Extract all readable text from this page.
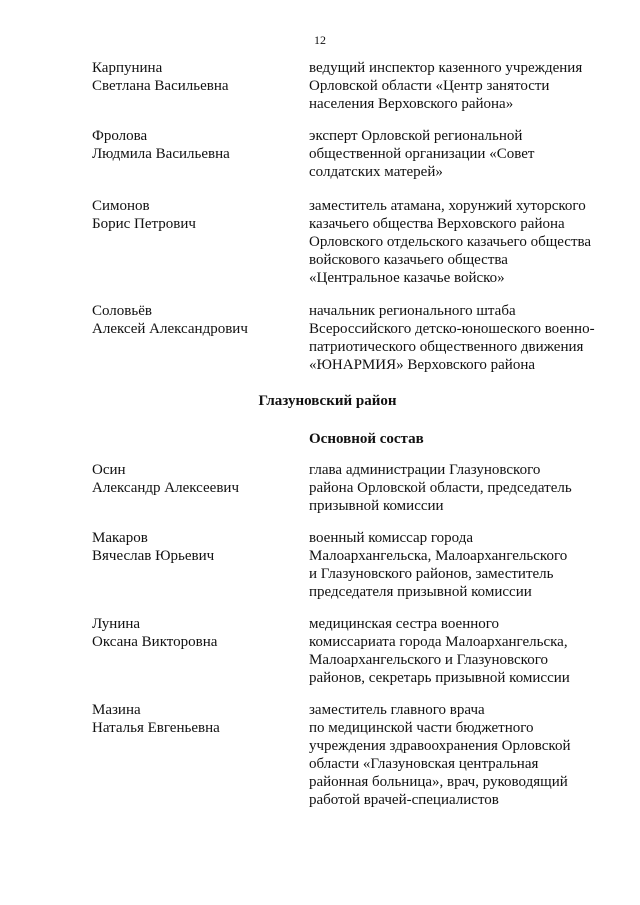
12
Карпунина
Светлана Васильевна
ведущий инспектор казенного учреждения
Орловской области «Центр занятости
населения Верховского района»
Фролова
Людмила Васильевна
эксперт Орловской региональной
общественной организации «Совет
солдатских матерей»
Симонов
Борис Петрович
заместитель атамана, хорунжий хуторского
казачьего общества Верховского района
Орловского отдельского казачьего общества
войскового казачьего общества
«Центральное казачье войско»
Соловьёв
Алексей Александрович
начальник регионального штаба
Всероссийского детско-юношеского военно-
патриотического общественного движения
«ЮНАРМИЯ» Верховского района
Глазуновский район
Основной состав
Осин
Александр Алексеевич
глава администрации Глазуновского
района Орловской области, председатель
призывной комиссии
Макаров
Вячеслав Юрьевич
военный комиссар города
Малоархангельска, Малоархангельского
и Глазуновского районов, заместитель
председателя призывной комиссии
Лунина
Оксана Викторовна
медицинская сестра военного
комиссариата города Малоархангельска,
Малоархангельского и Глазуновского
районов, секретарь призывной комиссии
Мазина
Наталья Евгеньевна
заместитель главного врача
по медицинской части бюджетного
учреждения здравоохранения Орловской
области «Глазуновская центральная
районная больница», врач, руководящий
работой врачей-специалистов
